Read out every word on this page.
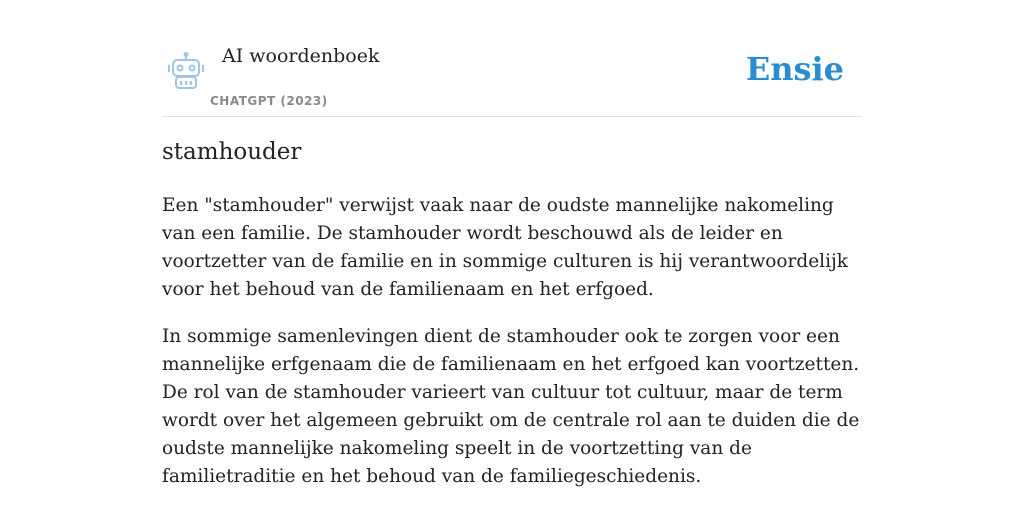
AI woordenboek
CHATGPT (2023)
Ensie
stamhouder

Een "stamhouder" verwijst vaak naar de oudste mannelijke nakomeling van een familie. De stamhouder wordt beschouwd als de leider en voortzetter van de familie en in sommige culturen is hij verantwoordelijk voor het behoud van de familienaam en het erfgoed.

In sommige samenlevingen dient de stamhouder ook te zorgen voor een mannelijke erfgenaam die de familienaam en het erfgoed kan voortzetten. De rol van de stamhouder varieert van cultuur tot cultuur, maar de term wordt over het algemeen gebruikt om de centrale rol aan te duiden die de oudste mannelijke nakomeling speelt in de voortzetting van de familietraditie en het behoud van de familiegeschiedenis.
